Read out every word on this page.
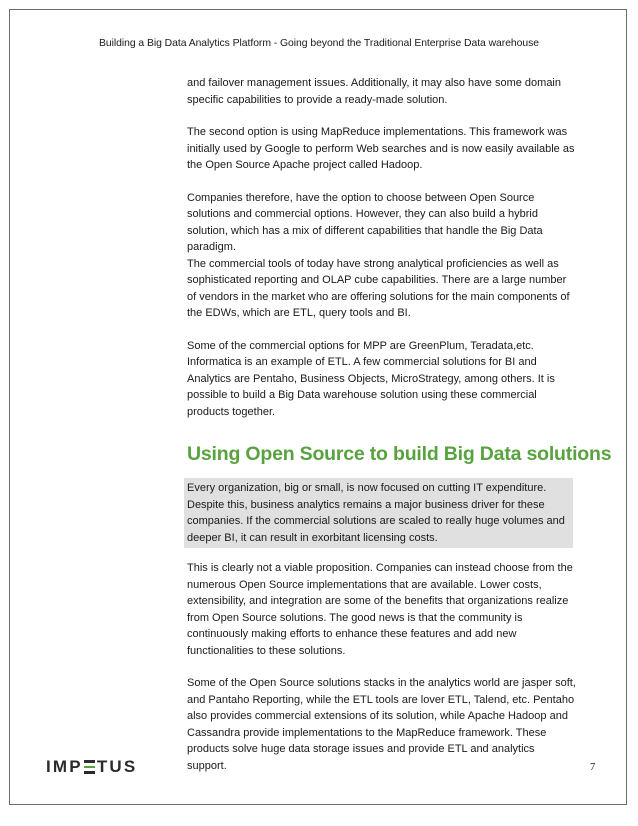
Building a Big Data Analytics Platform - Going beyond the Traditional Enterprise Data warehouse

and failover management issues. Additionally, it may also have some domain specific capabilities to provide a ready-made solution.

The second option is using MapReduce implementations. This framework was initially used by Google to perform Web searches and is now easily available as the Open Source Apache project called Hadoop.

Companies therefore, have the option to choose between Open Source solutions and commercial options. However, they can also build a hybrid solution, which has a mix of different capabilities that handle the Big Data paradigm.

The commercial tools of today have strong analytical proficiencies as well as sophisticated reporting and OLAP cube capabilities. There are a large number of vendors in the market who are offering solutions for the main components of the EDWs, which are ETL, query tools and BI.

Some of the commercial options for MPP are GreenPlum, Teradata,etc. Informatica is an example of ETL. A few commercial solutions for BI and Analytics are Pentaho, Business Objects, MicroStrategy, among others. It is possible to build a Big Data warehouse solution using these commercial products together.

Using Open Source to build Big Data solutions

Every organization, big or small, is now focused on cutting IT expenditure. Despite this, business analytics remains a major business driver for these companies. If the commercial solutions are scaled to really huge volumes and deeper BI, it can result in exorbitant licensing costs.

This is clearly not a viable proposition. Companies can instead choose from the numerous Open Source implementations that are available. Lower costs, extensibility, and integration are some of the benefits that organizations realize from Open Source solutions. The good news is that the community is continuously making efforts to enhance these features and add new functionalities to these solutions.

Some of the Open Source solutions stacks in the analytics world are jasper soft, and Pantaho Reporting, while the ETL tools are lover ETL, Talend, etc. Pentaho also provides commercial extensions of its solution, while Apache Hadoop and Cassandra provide implementations to the MapReduce framework. These products solve huge data storage issues and provide ETL and analytics support.

IMP TUS	7
